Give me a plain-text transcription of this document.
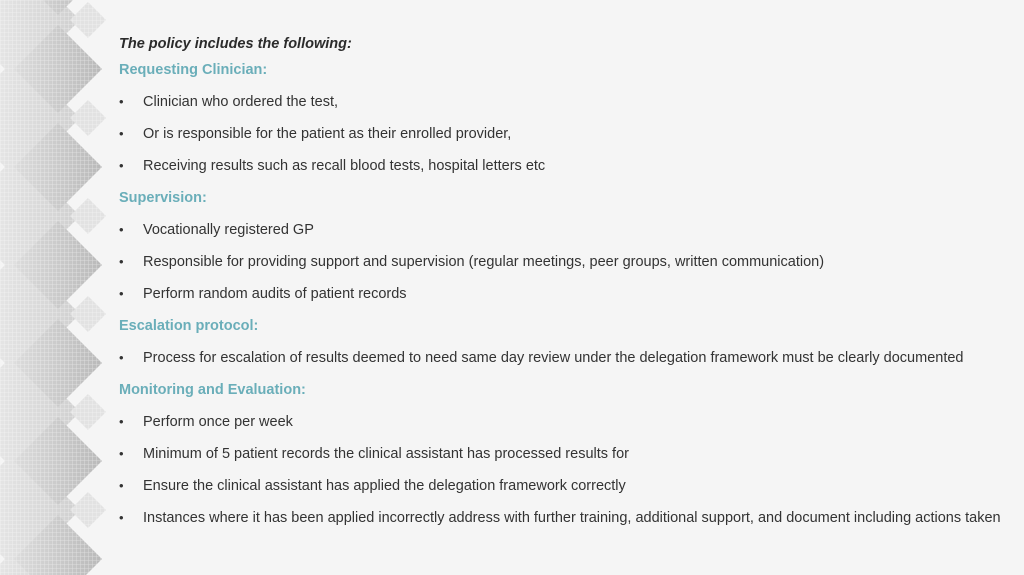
The policy includes the following:
Requesting Clinician:
•	Clinician who ordered the test,
•	Or is responsible for the patient as their enrolled provider,
•	Receiving results such as recall blood tests, hospital letters etc
Supervision:
•	Vocationally registered GP
•	Responsible for providing support and supervision (regular meetings, peer groups, written communication)
•	Perform random audits of patient records
Escalation protocol:
•	Process for escalation of results deemed to need same day review under the delegation framework must be clearly documented
Monitoring and Evaluation:
•	Perform once per week
•	Minimum of 5 patient records the clinical assistant has processed results for
•	Ensure the clinical assistant has applied the delegation framework correctly
•	Instances where it has been applied incorrectly address with further training, additional support, and document including actions taken
